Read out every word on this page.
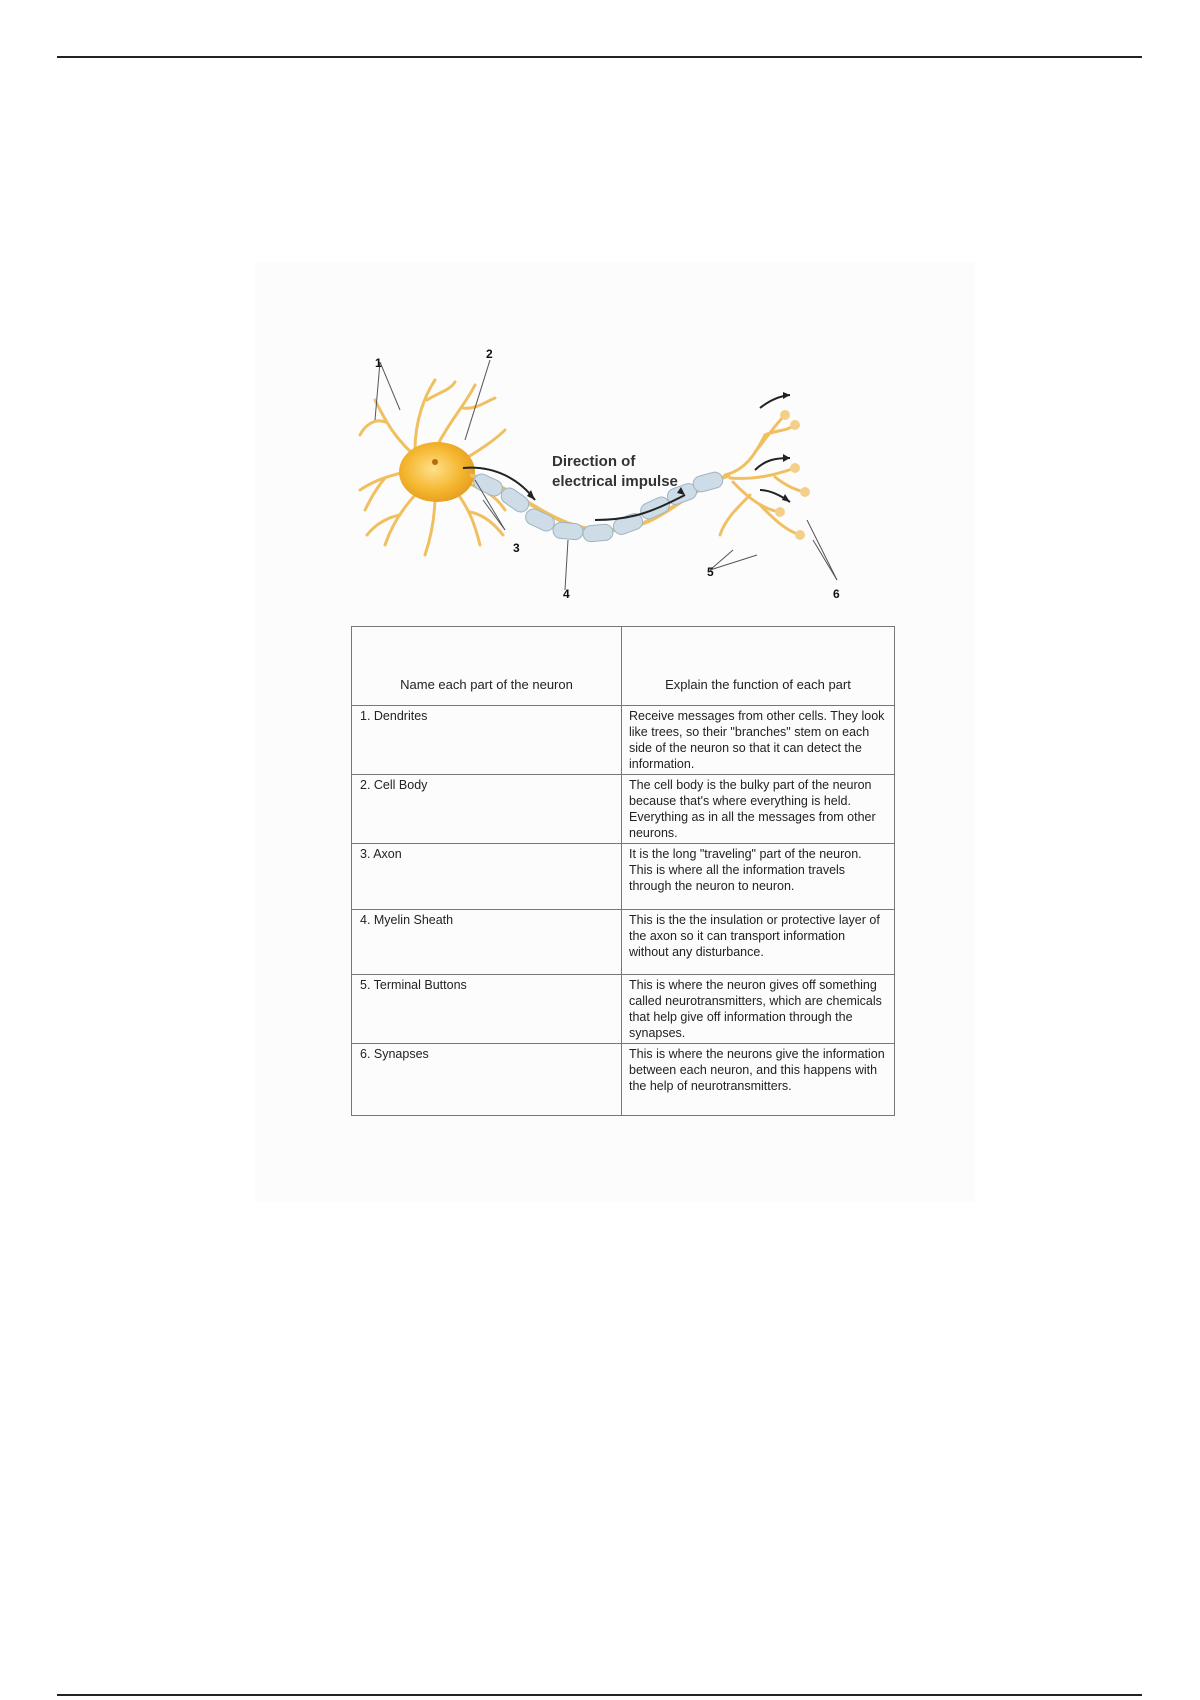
1
2
3
4
5
6
Direction of
electrical impulse
Name each part of the neuron	Explain the function of each part
1. Dendrites	Receive messages from other cells. They look like trees, so their "branches" stem on each side of the neuron so that it can detect the information.
2. Cell Body	The cell body is the bulky part of the neuron because that's where everything is held. Everything as in all the messages from other neurons.
3. Axon	It is the long "traveling" part of the neuron. This is where all the information travels through the neuron to neuron.
4. Myelin Sheath	This is the the insulation or protective layer of the axon so it can transport information without any disturbance.
5. Terminal Buttons	This is where the neuron gives off something called neurotransmitters, which are chemicals that help give off information through the synapses.
6. Synapses	This is where the neurons give the information between each neuron, and this happens with the help of neurotransmitters.
